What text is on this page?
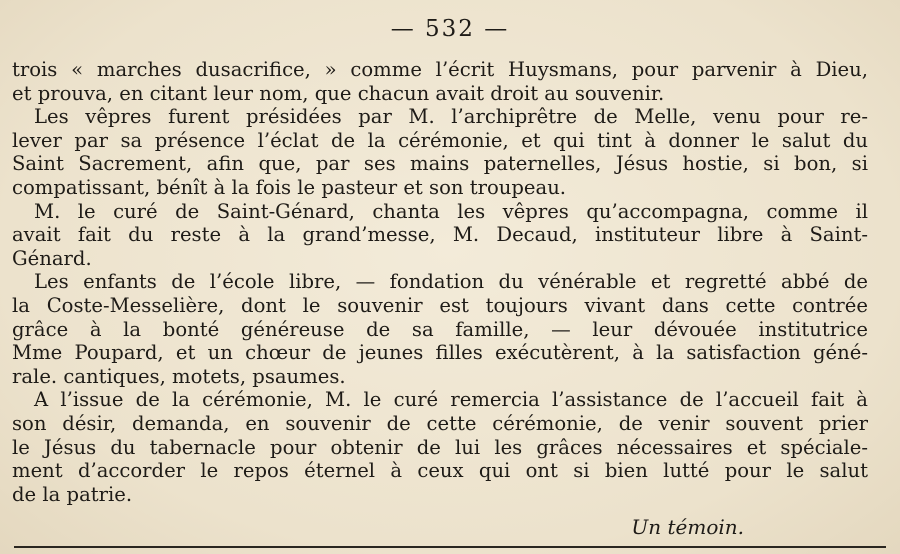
— 532 —
trois « marches dusacrifice, » comme l’écrit Huysmans, pour parvenir à Dieu,
et prouva, en citant leur nom, que chacun avait droit au souvenir.
Les vêpres furent présidées par M. l’archiprêtre de Melle, venu pour re-
lever par sa présence l’éclat de la cérémonie, et qui tint à donner le salut du
Saint Sacrement, afin que, par ses mains paternelles, Jésus hostie, si bon, si
compatissant, bénît à la fois le pasteur et son troupeau.
M. le curé de Saint-Génard, chanta les vêpres qu’accompagna, comme il
avait fait du reste à la grand’messe, M. Decaud, instituteur libre à Saint-
Génard.
Les enfants de l’école libre, — fondation du vénérable et regretté abbé de
la Coste-Messelière, dont le souvenir est toujours vivant dans cette contrée
grâce à la bonté généreuse de sa famille, — leur dévouée institutrice
Mme Poupard, et un chœur de jeunes filles exécutèrent, à la satisfaction géné-
rale. cantiques, motets, psaumes.
A l’issue de la cérémonie, M. le curé remercia l’assistance de l’accueil fait à
son désir, demanda, en souvenir de cette cérémonie, de venir souvent prier
le Jésus du tabernacle pour obtenir de lui les grâces nécessaires et spéciale-
ment d’accorder le repos éternel à ceux qui ont si bien lutté pour le salut
de la patrie.
Un témoin.
